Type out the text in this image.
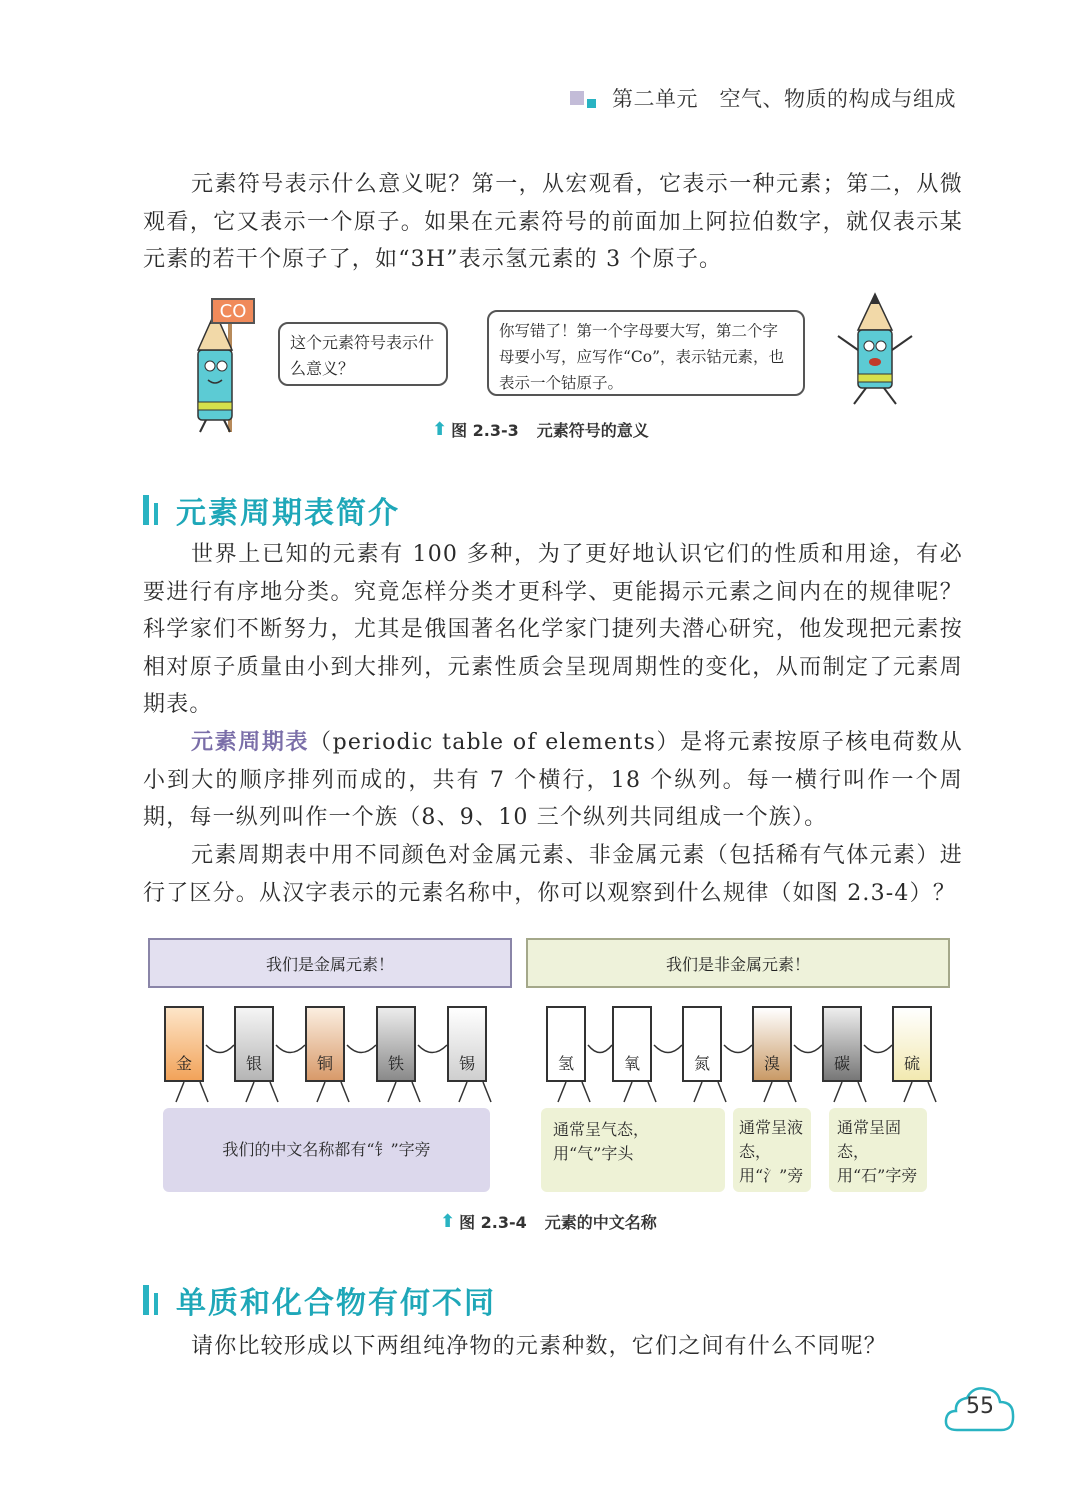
第二单元　空气、物质的构成与组成

元素符号表示什么意义呢？第一，从宏观看，它表示一种元素；第二，从微观看，它又表示一个原子。如果在元素符号的前面加上阿拉伯数字，就仅表示某元素的若干个原子了，如“3H”表示氢元素的 3 个原子。

CO
这个元素符号表示什么意义？
你写错了！第一个字母要大写，第二个字母要小写，应写作“Co”，表示钴元素，也表示一个钴原子。
⬆ 图 2.3-3 元素符号的意义
元素周期表简介

世界上已知的元素有 100 多种，为了更好地认识它们的性质和用途，有必要进行有序地分类。究竟怎样分类才更科学、更能揭示元素之间内在的规律呢？科学家们不断努力，尤其是俄国著名化学家门捷列夫潜心研究，他发现把元素按相对原子质量由小到大排列，元素性质会呈现周期性的变化，从而制定了元素周期表。

元素周期表（periodic table of elements）是将元素按原子核电荷数从小到大的顺序排列而成的，共有 7 个横行，18 个纵列。每一横行叫作一个周期，每一纵列叫作一个族（8、9、10 三个纵列共同组成一个族）。

元素周期表中用不同颜色对金属元素、非金属元素（包括稀有气体元素）进行了区分。从汉字表示的元素名称中，你可以观察到什么规律（如图 2.3-4）？

我们是金属元素！	我们是非金属元素！
金	银	铜	铁	锡	氢	氧	氮	溴	碳	硫
我们的中文名称都有“钅”字旁
通常呈气态，用“气”字头
通常呈液态，用“氵”旁
通常呈固态，用“石”字旁
⬆ 图 2.3-4 元素的中文名称
单质和化合物有何不同

请你比较形成以下两组纯净物的元素种数，它们之间有什么不同呢？

55
